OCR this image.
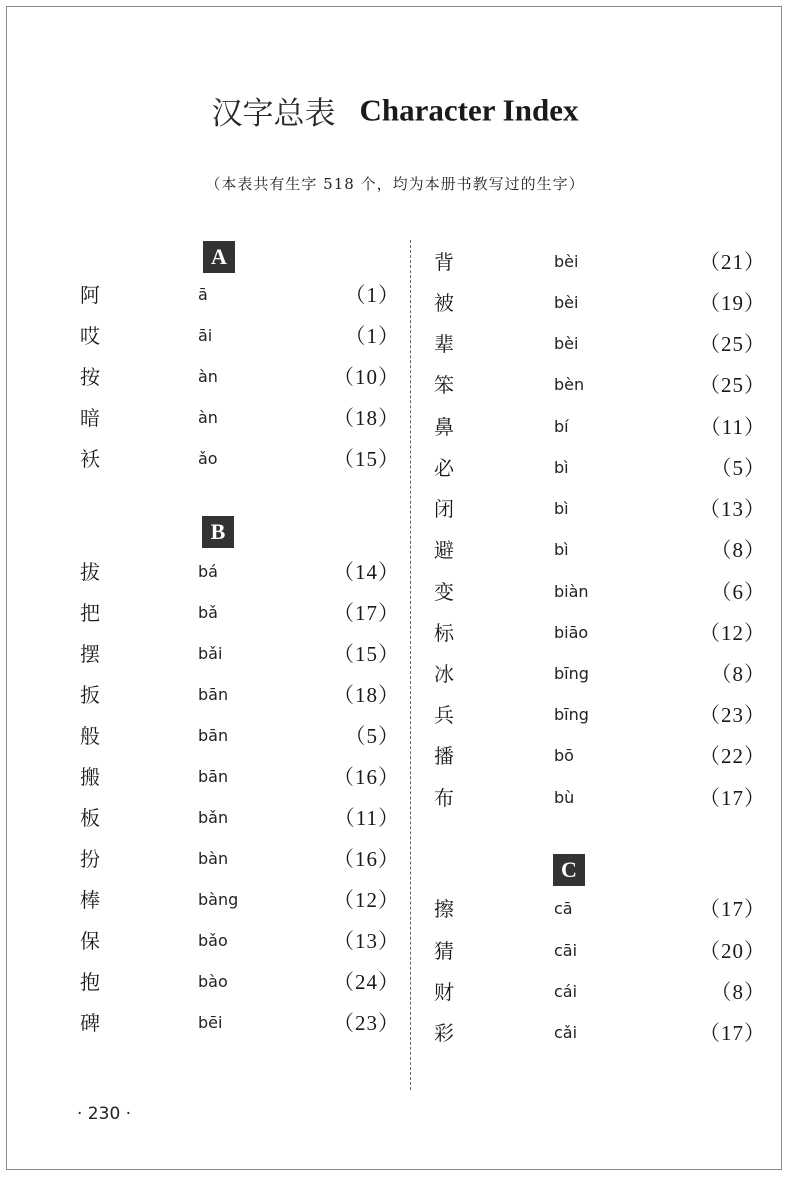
汉字总表 Character Index
（本表共有生字 518 个，均为本册书教写过的生字）
A
阿	ā	（1）
哎	āi	（1）
按	àn	（10）
暗	àn	（18）
袄	ǎo	（15）
B
拔	bá	（14）
把	bǎ	（17）
摆	bǎi	（15）
扳	bān	（18）
般	bān	（5）
搬	bān	（16）
板	bǎn	（11）
扮	bàn	（16）
棒	bàng	（12）
保	bǎo	（13）
抱	bào	（24）
碑	bēi	（23）
背	bèi	（21）
被	bèi	（19）
辈	bèi	（25）
笨	bèn	（25）
鼻	bí	（11）
必	bì	（5）
闭	bì	（13）
避	bì	（8）
变	biàn	（6）
标	biāo	（12）
冰	bīng	（8）
兵	bīng	（23）
播	bō	（22）
布	bù	（17）
C
擦	cā	（17）
猜	cāi	（20）
财	cái	（8）
彩	cǎi	（17）
· 230 ·
